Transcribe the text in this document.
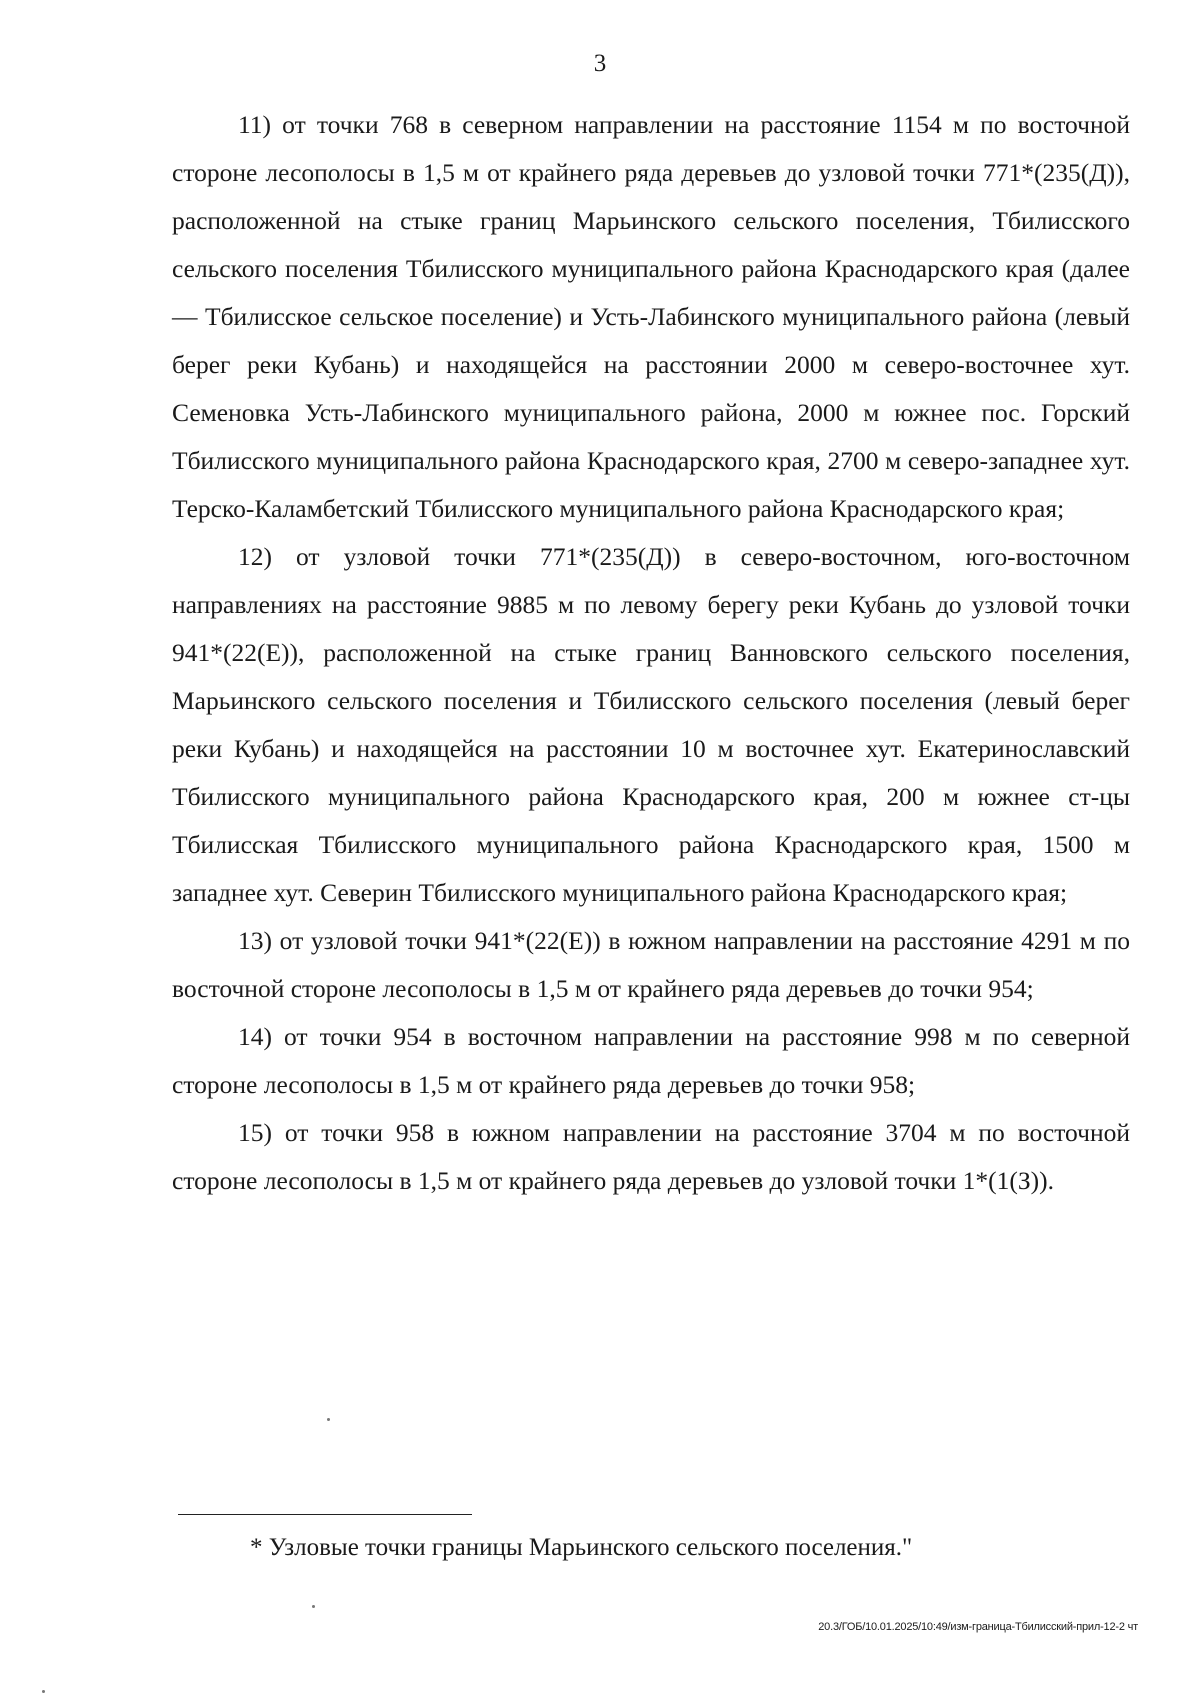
3

11) от точки 768 в северном направлении на расстояние 1154 м по восточной стороне лесополосы в 1,5 м от крайнего ряда деревьев до узловой точки 771*(235(Д)), расположенной на стыке границ Марьинского сельского поселения, Тбилисского сельского поселения Тбилисского муниципального района Краснодарского края (далее — Тбилисское сельское поселение) и Усть-Лабинского муниципального района (левый берег реки Кубань) и находящейся на расстоянии 2000 м северо-восточнее хут. Семеновка Усть-Лабинского муниципального района, 2000 м южнее пос. Горский Тбилисского муниципального района Краснодарского края, 2700 м северо-западнее хут. Терско-Каламбетский Тбилисского муниципального района Краснодарского края;

12) от узловой точки 771*(235(Д)) в северо-восточном, юго-восточном направлениях на расстояние 9885 м по левому берегу реки Кубань до узловой точки 941*(22(Е)), расположенной на стыке границ Ванновского сельского поселения, Марьинского сельского поселения и Тбилисского сельского поселения (левый берег реки Кубань) и находящейся на расстоянии 10 м восточнее хут. Екатеринославский Тбилисского муниципального района Краснодарского края, 200 м южнее ст-цы Тбилисская Тбилисского муниципального района Краснодарского края, 1500 м западнее хут. Северин Тбилисского муниципального района Краснодарского края;

13) от узловой точки 941*(22(Е)) в южном направлении на расстояние 4291 м по восточной стороне лесополосы в 1,5 м от крайнего ряда деревьев до точки 954;

14) от точки 954 в восточном направлении на расстояние 998 м по северной стороне лесополосы в 1,5 м от крайнего ряда деревьев до точки 958;

15) от точки 958 в южном направлении на расстояние 3704 м по восточной стороне лесополосы в 1,5 м от крайнего ряда деревьев до узловой точки 1*(1(З)).

* Узловые точки границы Марьинского сельского поселения."
20.3/ГОБ/10.01.2025/10:49/изм-граница-Тбилисский-прил-12-2 чт
